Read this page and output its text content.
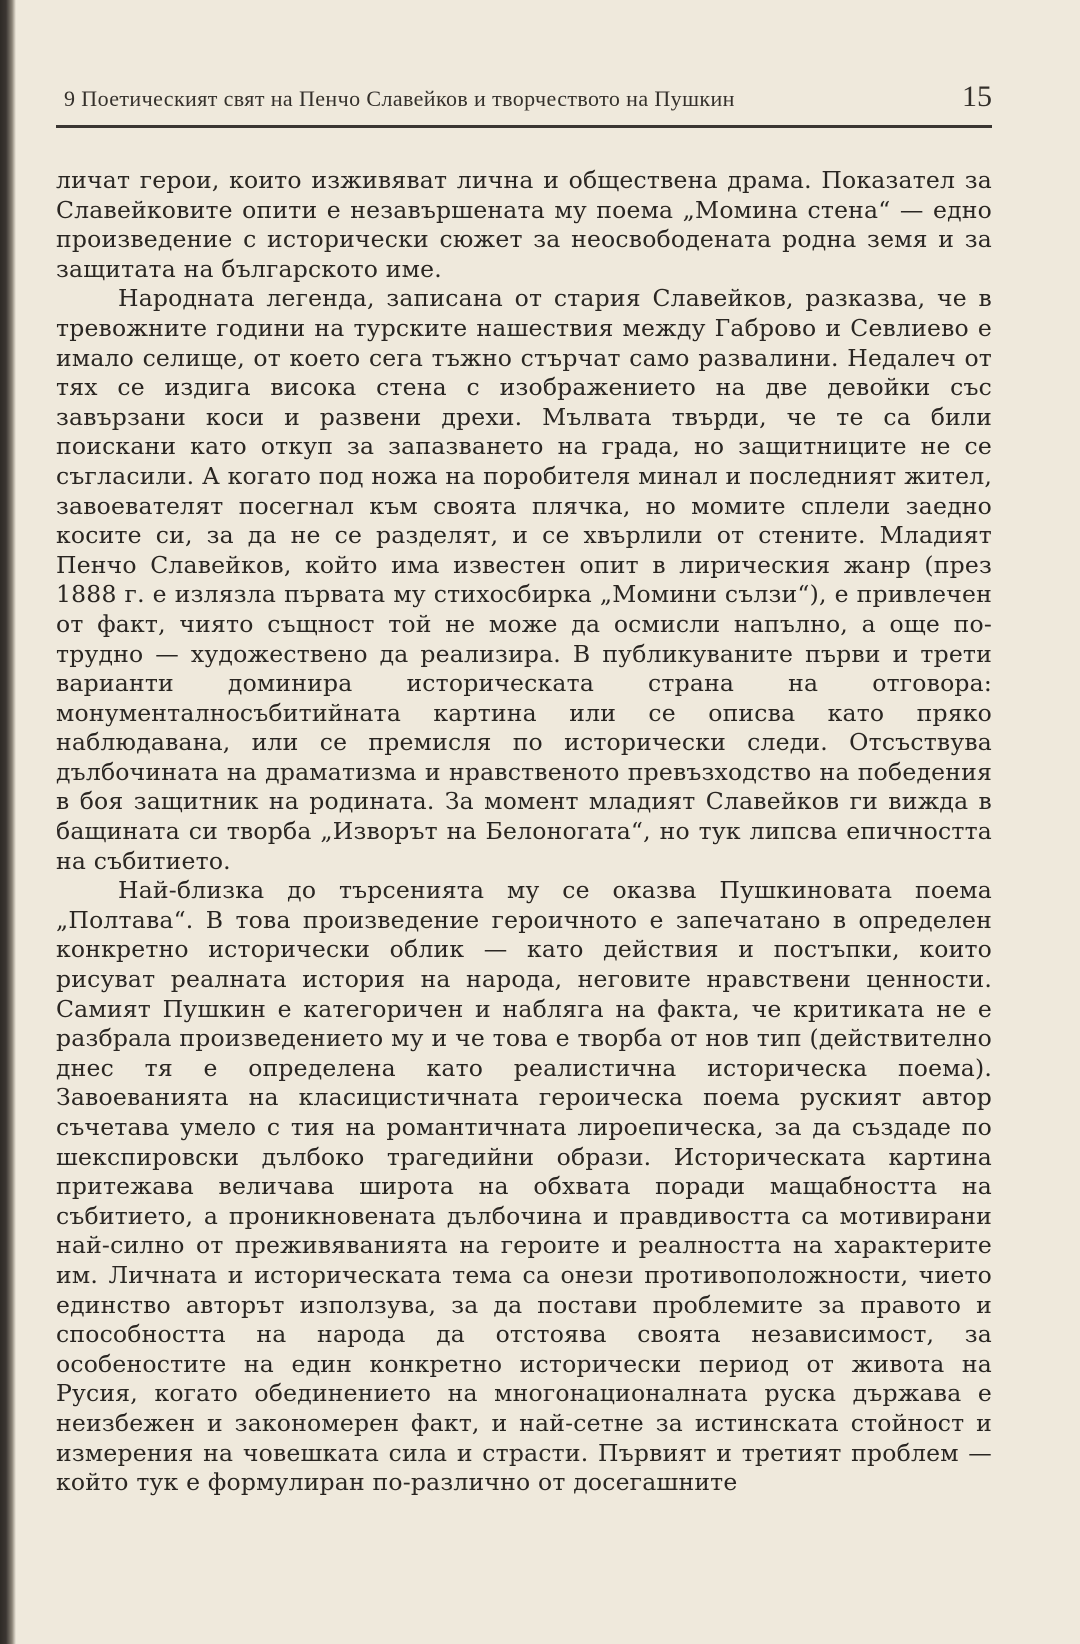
9 Поетическият свят на Пенчо Славейков и творчеството на Пушкин	15

личат герои, които изживяват лична и обществена драма. Показател за Славейковите опити е незавършената му поема „Момина стена“ — едно произведение с исторически сюжет за неосвободената родна земя и за защитата на българското име.

Народната легенда, записана от стария Славейков, разказва, че в тревожните години на турските нашествия между Габрово и Севлиево е имало селище, от което сега тъжно стърчат само развалини. Недалеч от тях се издига висока стена с изображението на две девойки със завързани коси и развени дрехи. Мълвата твърди, че те са били поискани като откуп за запазването на града, но защитниците не се съгласили. А когато под ножа на поробителя минал и последният жител, завоевателят посегнал към своята плячка, но момите сплели заедно косите си, за да не се разделят, и се хвърлили от стените. Младият Пенчо Славейков, който има известен опит в лирическия жанр (през 1888 г. е излязла първата му стихосбирка „Момини сълзи“), е привлечен от факт, чиято същност той не може да осмисли напълно, а още по-трудно — художествено да реализира. В публикуваните първи и трети варианти доминира историческата страна на отговора: монументалносъбитийната картина или се описва като пряко наблюдавана, или се премисля по исторически следи. Отсъствува дълбочината на драматизма и нравственото превъзходство на победения в боя защитник на родината. За момент младият Славейков ги вижда в бащината си творба „Изворът на Белоногата“, но тук липсва епичността на събитието.

Най-близка до търсенията му се оказва Пушкиновата поема „Полтава“. В това произведение героичното е запечатано в определен конкретно исторически облик — като действия и постъпки, които рисуват реалната история на народа, неговите нравствени ценности. Самият Пушкин е категоричен и набляга на факта, че критиката не е разбрала произведението му и че това е творба от нов тип (действително днес тя е определена като реалистична историческа поема). Завоеванията на класицистичната героическа поема руският автор съчетава умело с тия на романтичната лироепическа, за да създаде по шекспировски дълбоко трагедийни образи. Историческата картина притежава величава широта на обхвата поради мащабността на събитието, а проникновената дълбочина и правдивостта са мотивирани най-силно от преживяванията на героите и реалността на характерите им. Личната и историческата тема са онези противоположности, чието единство авторът използува, за да постави проблемите за правото и способността на народа да отстоява своята независимост, за особеностите на един конкретно исторически период от живота на Русия, когато обединението на многонационалната руска държава е неизбежен и закономерен факт, и най-сетне за истинската стойност и измерения на човешката сила и страсти. Първият и третият проблем — който тук е формулиран по-различно от досегашните
